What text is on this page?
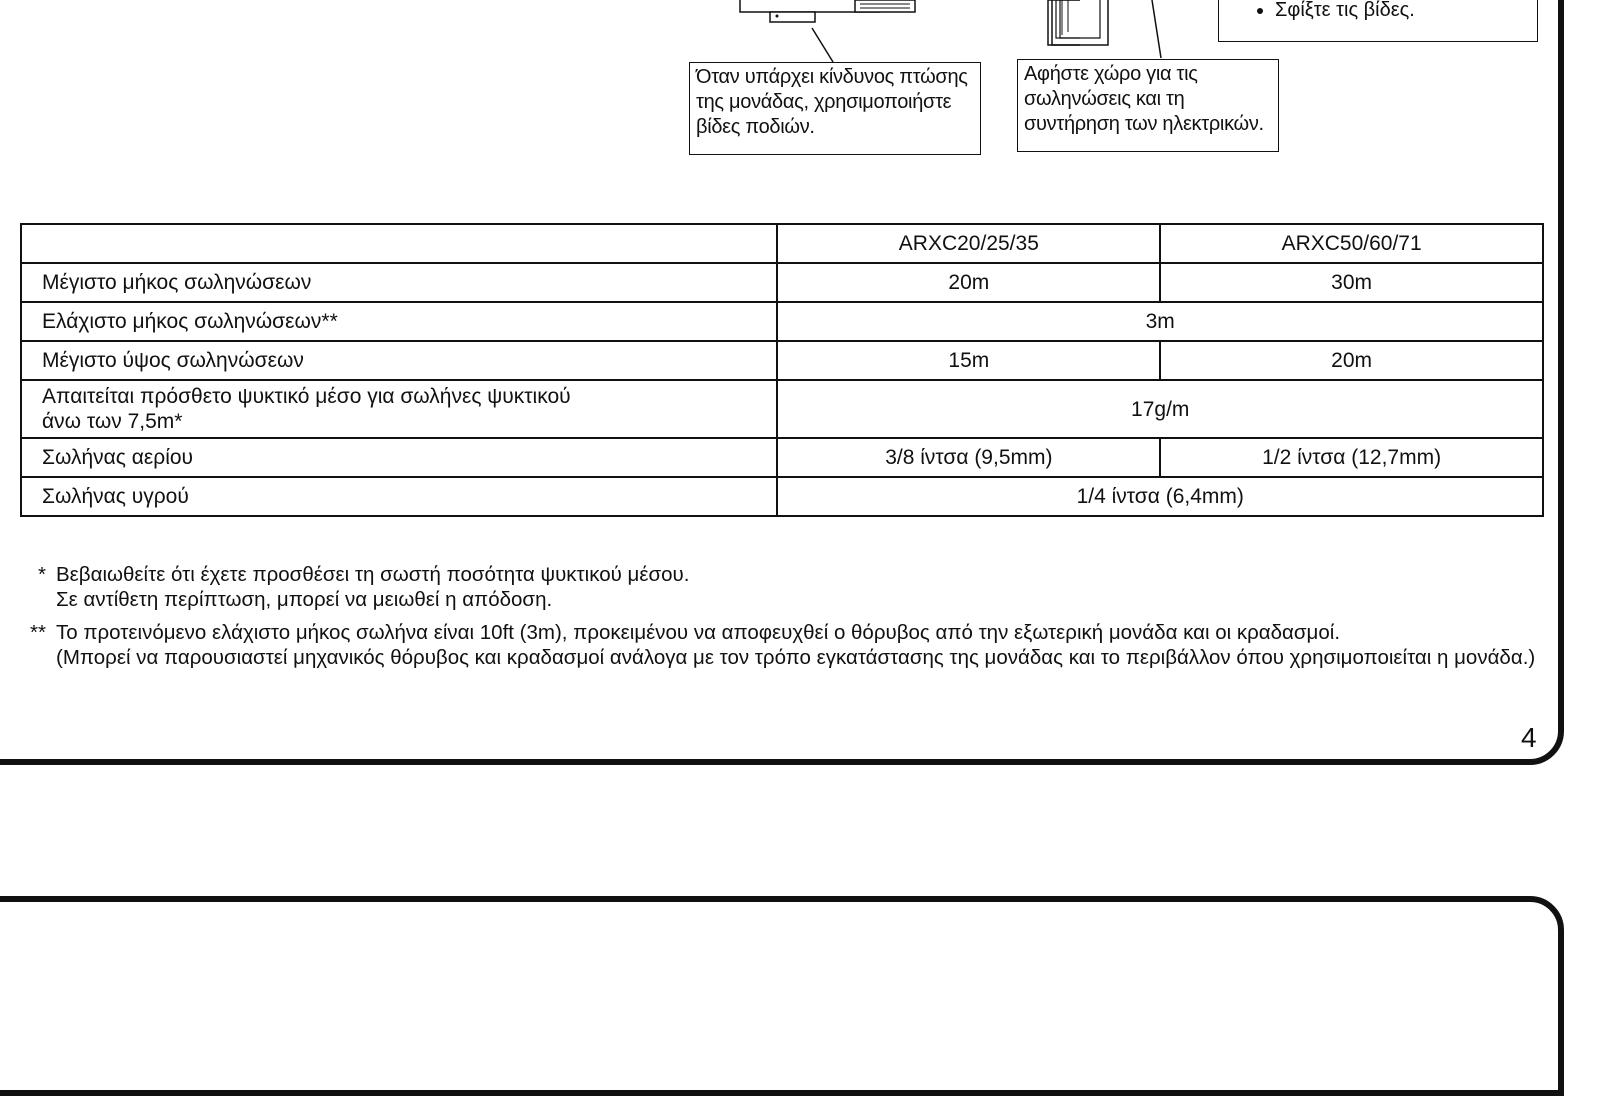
• Σφίξτε τις βίδες.
Όταν υπάρχει κίνδυνος πτώσης
της μονάδας, χρησιμοποιήστε
βίδες ποδιών.
Αφήστε χώρο για τις
σωληνώσεις και τη
συντήρηση των ηλεκτρικών.
	ARXC20/25/35	ARXC50/60/71
Μέγιστο μήκος σωληνώσεων	20m	30m
Ελάχιστο μήκος σωληνώσεων**	3m	
Μέγιστο ύψος σωληνώσεων	15m	20m

Απαιτείται πρόσθετο ψυκτικό μέσο για σωλήνες ψυκτικού
άνω των 7,5m*	17g/m	
Σωλήνας αερίου	3/8 ίντσα (9,5mm)	1/2 ίντσα (12,7mm)
Σωλήνας υγρού	1/4 ίντσα (6,4mm)	
* Βεβαιωθείτε ότι έχετε προσθέσει τη σωστή ποσότητα ψυκτικού μέσου.
Σε αντίθετη περίπτωση, μπορεί να μειωθεί η απόδοση.
** Το προτεινόμενο ελάχιστο μήκος σωλήνα είναι 10ft (3m), προκειμένου να αποφευχθεί ο θόρυβος από την εξωτερική μονάδα και οι κραδασμοί.
(Μπορεί να παρουσιαστεί μηχανικός θόρυβος και κραδασμοί ανάλογα με τον τρόπο εγκατάστασης της μονάδας και το περιβάλλον όπου χρησιμοποιείται η μονάδα.)
4
